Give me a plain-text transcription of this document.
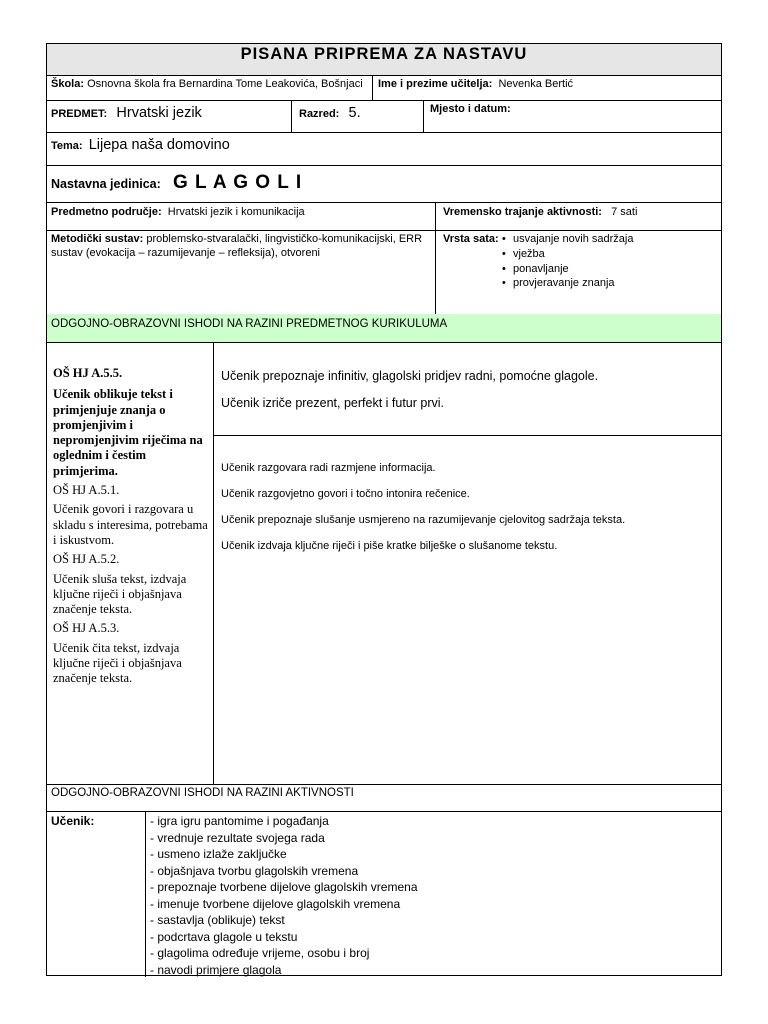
PISANA PRIPREMA ZA NASTAVU
Škola: Osnovna škola fra Bernardina Tome Leakovića, Bošnjaci Ime i prezime učitelja: Nevenka Bertić
PREDMET: Hrvatski jezik	Razred: 5.	Mjesto i datum:
Tema: Lijepa naša domovino
Nastavna jedinica: G L A G O L I
Predmetno područje: Hrvatski jezik i komunikacija	Vremensko trajanje aktivnosti: 7 sati
Metodički sustav: problemsko-stvaralački, lingvističko-komunikacijski, ERR
sustav (evokacija – razumijevanje – refleksija), otvoreni
Vrsta sata:
•	usvajanje novih sadržaja
• vježba
• ponavljanje
• provjeravanje znanja
ODGOJNO-OBRAZOVNI ISHODI NA RAZINI PREDMETNOG KURIKULUMA
OŠ HJ A.5.5.
Učenik oblikuje tekst i primjenjuje znanja o promjenjivim i nepromjenjivim riječima na oglednim i čestim primjerima.
OŠ HJ A.5.1.
Učenik govori i razgovara u skladu s interesima, potrebama i iskustvom.
OŠ HJ A.5.2.
Učenik sluša tekst, izdvaja ključne riječi i objašnjava značenje teksta.
OŠ HJ A.5.3.
Učenik čita tekst, izdvaja ključne riječi i objašnjava značenje teksta.
Učenik prepoznaje infinitiv, glagolski pridjev radni, pomoćne glagole.
Učenik izriče prezent, perfekt i futur prvi.
Učenik razgovara radi razmjene informacija.
Učenik razgovjetno govori i točno intonira rečenice.
Učenik prepoznaje slušanje usmjereno na razumijevanje cjelovitog sadržaja teksta.
Učenik izdvaja ključne riječi i piše kratke bilješke o slušanome tekstu.
ODGOJNO-OBRAZOVNI ISHODI NA RAZINI AKTIVNOSTI
Učenik:	- igra igru pantomime i pogađanja
- vrednuje rezultate svojega rada
- usmeno izlaže zaključke
- objašnjava tvorbu glagolskih vremena
- prepoznaje tvorbene dijelove glagolskih vremena
- imenuje tvorbene dijelove glagolskih vremena
- sastavlja (oblikuje) tekst
- podcrtava glagole u tekstu
- glagolima određuje vrijeme, osobu i broj
- navodi primjere glagola
